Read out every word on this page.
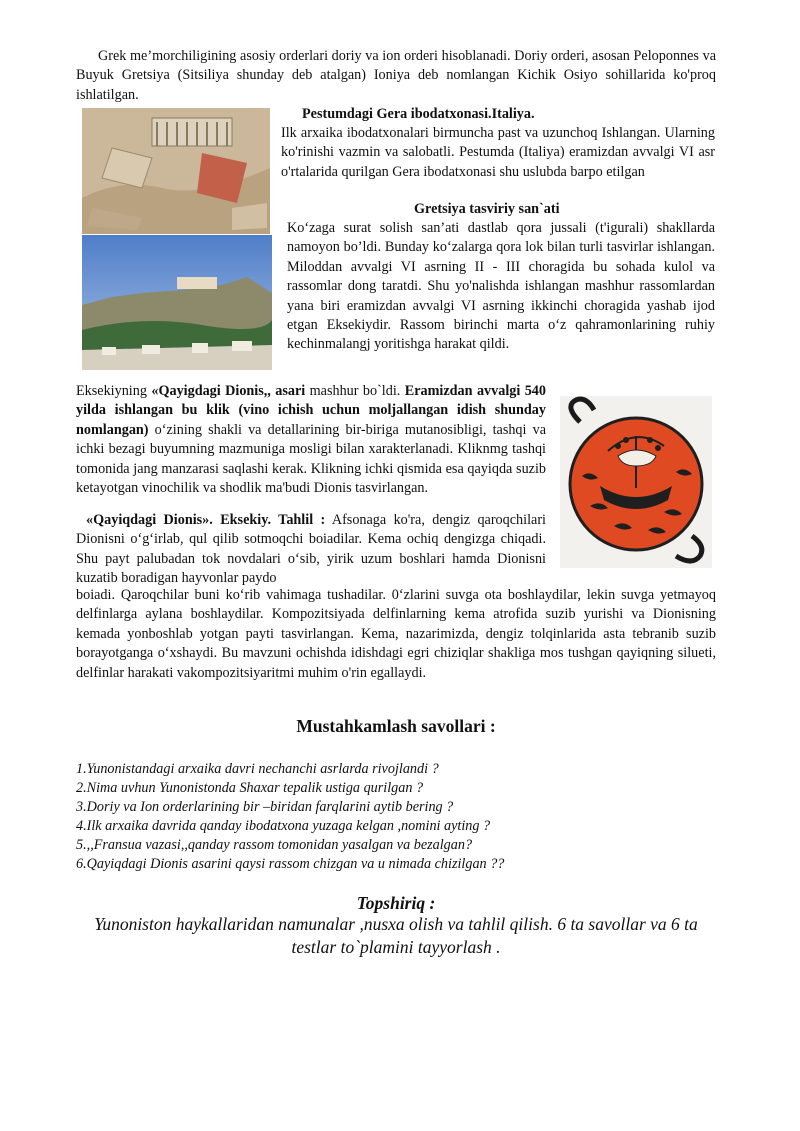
Grek me’morchiligining asosiy orderlari doriy va ion orderi hisoblanadi. Doriy orderi, asosan Peloponnes va Buyuk Gretsiya (Sitsiliya shunday deb atalgan) Ioniya deb nomlangan Kichik Osiyo sohillarida ko'proq ishlatilgan.

Pestumdagi Gera ibodatxonasi.Italiya.

Ilk arxaika ibodatxonalari birmuncha past va uzunchoq Ishlangan. Ularning ko'rinishi vazmin va salobatli. Pestumda (Italiya) eramizdan avvalgi VI asr o'rtalarida qurilgan Gera ibodatxonasi shu uslubda barpo etilgan

Gretsiya tasviriy san`ati

Ko‘zaga surat solish san’ati dastlab qora jussali (t'igurali) shakllarda namoyon bo’ldi. Bunday ko‘zalarga qora lok bilan turli tasvirlar ishlangan. Miloddan avvalgi VI asrning II - III choragida bu sohada kulol va rassomlar dong taratdi. Shu yo'nalishda ishlangan mashhur rassomlardan yana biri eramizdan avvalgi VI asrning ikkinchi choragida yashab ijod etgan Eksekiydir. Rassom birinchi marta o‘z qahramonlarining ruhiy kechinmalangj yoritishga harakat qildi.

Eksekiyning «Qayigdagi Dionis,, asari mashhur bo`ldi. Eramizdan avvalgi 540 yilda ishlangan bu klik (vino ichish uchun moljallangan idish shunday nomlangan) o‘zining shakli va detallarining bir-biriga mutanosibligi, tashqi va ichki bezagi buyumning mazmuniga mosligi bilan xarakterlanadi. Kliknmg tashqi tomonida jang manzarasi saqlashi kerak. Klikning ichki qismida esa qayiqda suzib ketayotgan vinochilik va shodlik ma'budi Dionis tasvirlangan.

«Qayiqdagi Dionis». Eksekiy. Tahlil : Afsonaga ko'ra, dengiz qaroqchilari Dionisni o‘g‘irlab, qul qilib sotmoqchi boiadilar. Kema ochiq dengizga chiqadi. Shu payt palubadan tok novdalari o‘sib, yirik uzum boshlari hamda Dionisni kuzatib boradigan hayvonlar paydo

boiadi. Qaroqchilar buni ko‘rib vahimaga tushadilar. 0‘zlarini suvga ota boshlaydilar, lekin suvga yetmayoq delfinlarga aylana boshlaydilar. Kompozitsiyada delfinlarning kema atrofida suzib yurishi va Dionisning kemada yonboshlab yotgan payti tasvirlangan. Kema, nazarimizda, dengiz tolqinlarida asta tebranib suzib borayotganga o‘xshaydi. Bu mavzuni ochishda idishdagi egri chiziqlar shakliga mos tushgan qayiqning silueti, delfinlar harakati vakompozitsiyaritmi muhim o'rin egallaydi.

Mustahkamlash savollari :

1.Yunonistandagi arxaika davri nechanchi asrlarda rivojlandi ?
2.Nima uvhun Yunonistonda Shaxar tepalik ustiga qurilgan ?
3.Doriy va Ion orderlarining bir –biridan farqlarini aytib bering ?
4.Ilk arxaika davrida qanday ibodatxona yuzaga kelgan ,nomini ayting ?
5.,,Fransua vazasi,,qanday rassom tomonidan yasalgan va bezalgan?
6.Qayiqdagi Dionis asarini qaysi rassom chizgan va u nimada chizilgan ??

Topshiriq :

Yunoniston haykallaridan namunalar ,nusxa olish va tahlil qilish. 6 ta savollar va 6 ta testlar to`plamini tayyorlash .
